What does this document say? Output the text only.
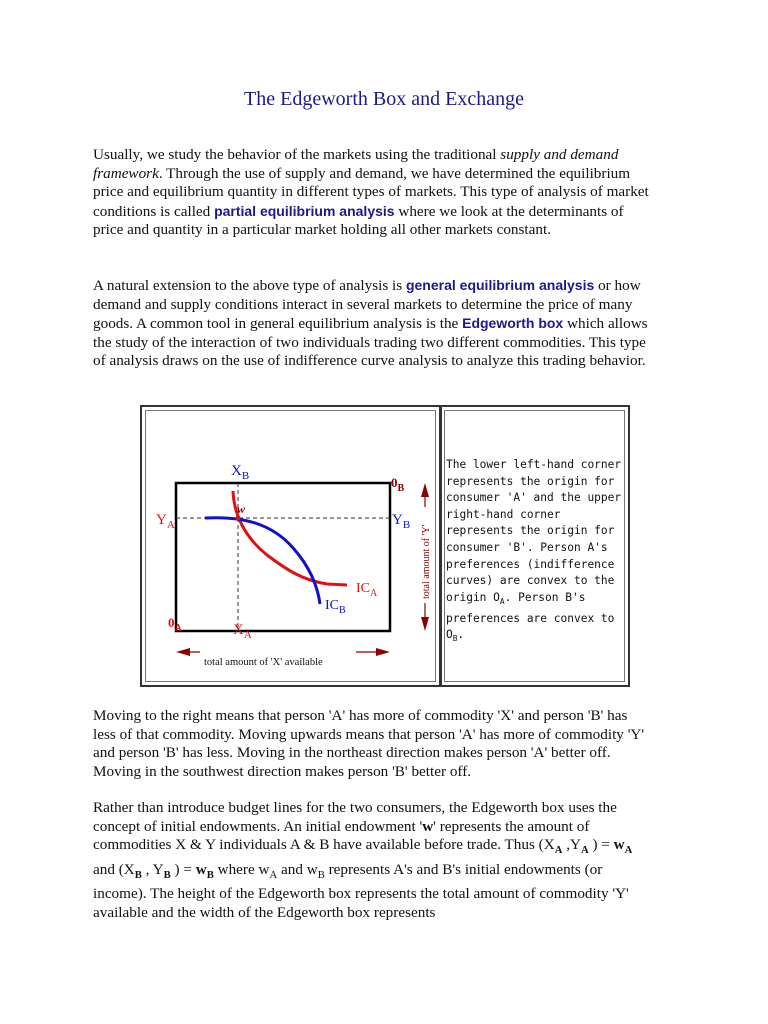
The Edgeworth Box and Exchange
Usually, we study the behavior of the markets using the traditional supply and demand framework. Through the use of supply and demand, we have determined the equilibrium price and equilibrium quantity in different types of markets. This type of analysis of market conditions is called partial equilibrium analysis where we look at the determinants of price and quantity in a particular market holding all other markets constant.
A natural extension to the above type of analysis is general equilibrium analysis or how demand and supply conditions interact in several markets to determine the price of many goods. A common tool in general equilibrium analysis is the Edgeworth box which allows the study of the interaction of two individuals trading two different commodities. This type of analysis draws on the use of indifference curve analysis to analyze this trading behavior.
$X_B$	$0_B$
$Y_A$	$Y_B$
w
$IC_A$
$IC_B$
$0_A$	$X_A$
total amount of 'Y'
total amount of 'X' available
The lower left-hand corner represents the origin for consumer 'A' and the upper right-hand corner represents the origin for consumer 'B'. Person A's preferences (indifference curves) are convex to the origin $O_A$. Person B's preferences are convex to $O_B$.
Moving to the right means that person 'A' has more of commodity 'X' and person 'B' has less of that commodity. Moving upwards means that person 'A' has more of commodity 'Y' and person 'B' has less. Moving in the northeast direction makes person 'A' better off. Moving in the southwest direction makes person 'B' better off.
Rather than introduce budget lines for the two consumers, the Edgeworth box uses the concept of initial endowments. An initial endowment 'w' represents the amount of commodities X & Y individuals A & B have available before trade. Thus ($X_A$ $,Y_A$ ) = $w_A$ and ($X_B$ , $Y_B$ ) = $w_B$ where $w_A$ and $w_B$ represents A's and B's initial endowments (or income). The height of the Edgeworth box represents the total amount of commodity 'Y' available and the width of the Edgeworth box represents
